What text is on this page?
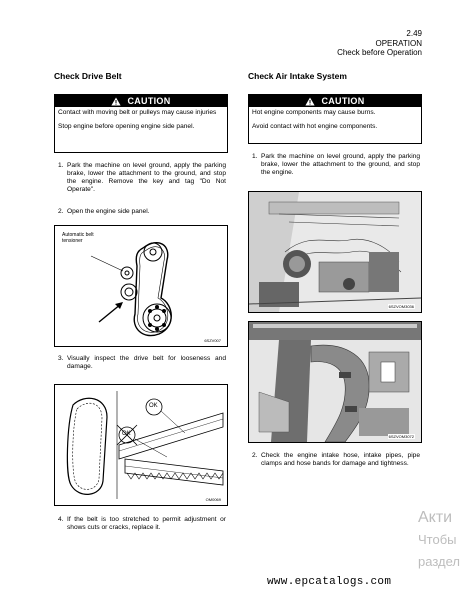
2.49
OPERATION
Check before Operation
Check Drive Belt
CAUTION

Contact with moving belt or pulleys may cause injuries

Stop engine before opening engine side panel.

1. Park the machine on level ground, apply the parking brake, lower the attachment to the ground, and stop the engine. Remove the key and tag "Do Not Operate".
2. Open the engine side panel.
Automatic belt tensioner
6SZV007
3. Visually inspect the drive belt for looseness and damage.
OK
OK
OM0069
4. If the belt is too stretched to permit adjustment or shows cuts or cracks, replace it.
Check Air Intake System
CAUTION

Hot engine components may cause burns.

Avoid contact with hot engine components.

1. Park the machine on level ground, apply the parking brake, lower the attachment to the ground, and stop the engine.
6SZVOM3036
6SZVOM3072
2. Check the engine intake hose, intake pipes, pipe clamps and hose bands for damage and tightness.
Акти
Чтобы
раздел
www.epcatalogs.com
